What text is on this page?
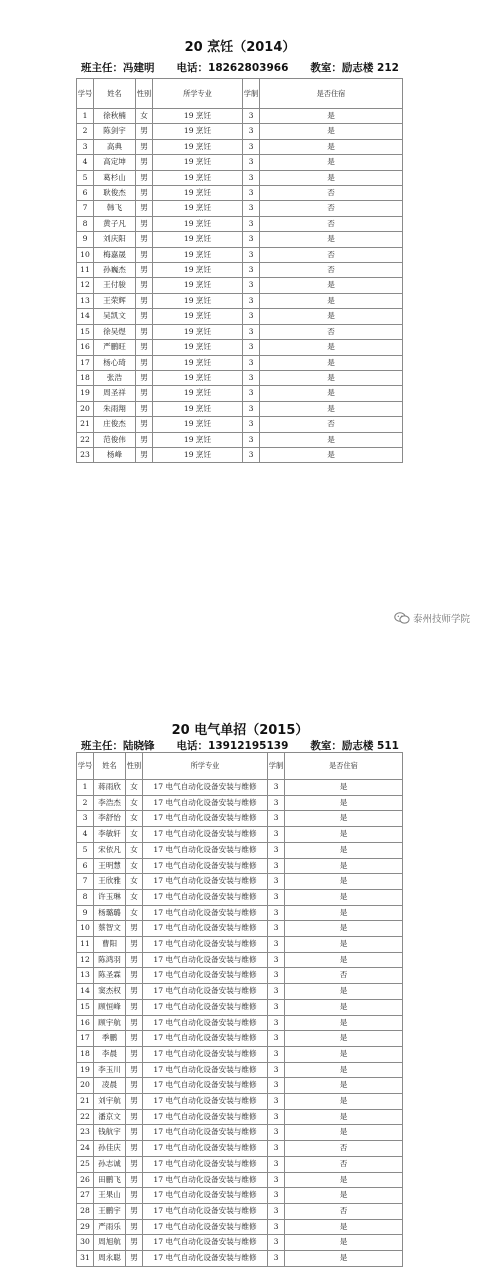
20 烹饪（2014）
班主任：冯建明 电话：18262803966 教室：励志楼 212
学号	姓名	性别	所学专业	学制	是否住宿
1	徐秋楠	女	19 烹饪	3	是
2	陈剑宇	男	19 烹饪	3	是
3	高典	男	19 烹饪	3	是
4	高定坤	男	19 烹饪	3	是
5	葛杉山	男	19 烹饪	3	是
6	耿俊杰	男	19 烹饪	3	否
7	韩飞	男	19 烹饪	3	否
8	黄子凡	男	19 烹饪	3	否
9	刘庆阳	男	19 烹饪	3	是
10	梅嘉晟	男	19 烹饪	3	否
11	孙巍杰	男	19 烹饪	3	否
12	王付骏	男	19 烹饪	3	是
13	王荣辉	男	19 烹饪	3	是
14	吴凯文	男	19 烹饪	3	是
15	徐吴煜	男	19 烹饪	3	否
16	严鹏旺	男	19 烹饪	3	是
17	杨心琦	男	19 烹饪	3	是
18	张浩	男	19 烹饪	3	是
19	周圣祥	男	19 烹饪	3	是
20	朱雨翔	男	19 烹饪	3	是
21	庄俊杰	男	19 烹饪	3	否
22	范俊伟	男	19 烹饪	3	是
23	杨峰	男	19 烹饪	3	是
泰州技师学院
20 电气单招（2015）
班主任：陆晓锋 电话：13912195139 教室：励志楼 511
学号	姓名	性别	所学专业	学制	是否住宿
1	蒋雨欣	女	17 电气自动化设备安装与维修	3	是
2	李浩杰	女	17 电气自动化设备安装与维修	3	是
3	李舒怡	女	17 电气自动化设备安装与维修	3	是
4	李敏轩	女	17 电气自动化设备安装与维修	3	是
5	宋依凡	女	17 电气自动化设备安装与维修	3	是
6	王明慧	女	17 电气自动化设备安装与维修	3	是
7	王欣雅	女	17 电气自动化设备安装与维修	3	是
8	许玉琳	女	17 电气自动化设备安装与维修	3	是
9	杨璐璐	女	17 电气自动化设备安装与维修	3	是
10	蔡智文	男	17 电气自动化设备安装与维修	3	是
11	曹阳	男	17 电气自动化设备安装与维修	3	是
12	陈鸿羽	男	17 电气自动化设备安装与维修	3	是
13	陈圣霖	男	17 电气自动化设备安装与维修	3	否
14	窦杰权	男	17 电气自动化设备安装与维修	3	是
15	顾恒峰	男	17 电气自动化设备安装与维修	3	是
16	顾宇航	男	17 电气自动化设备安装与维修	3	是
17	季鹏	男	17 电气自动化设备安装与维修	3	是
18	李晨	男	17 电气自动化设备安装与维修	3	是
19	李玉川	男	17 电气自动化设备安装与维修	3	是
20	凌晨	男	17 电气自动化设备安装与维修	3	是
21	刘宇航	男	17 电气自动化设备安装与维修	3	是
22	潘京文	男	17 电气自动化设备安装与维修	3	是
23	钱航宇	男	17 电气自动化设备安装与维修	3	是
24	孙佳庆	男	17 电气自动化设备安装与维修	3	否
25	孙志诚	男	17 电气自动化设备安装与维修	3	否
26	田鹏飞	男	17 电气自动化设备安装与维修	3	是
27	王果山	男	17 电气自动化设备安装与维修	3	是
28	王鹏宇	男	17 电气自动化设备安装与维修	3	否
29	严雨乐	男	17 电气自动化设备安装与维修	3	是
30	周旭航	男	17 电气自动化设备安装与维修	3	是
31	周永聪	男	17 电气自动化设备安装与维修	3	是
